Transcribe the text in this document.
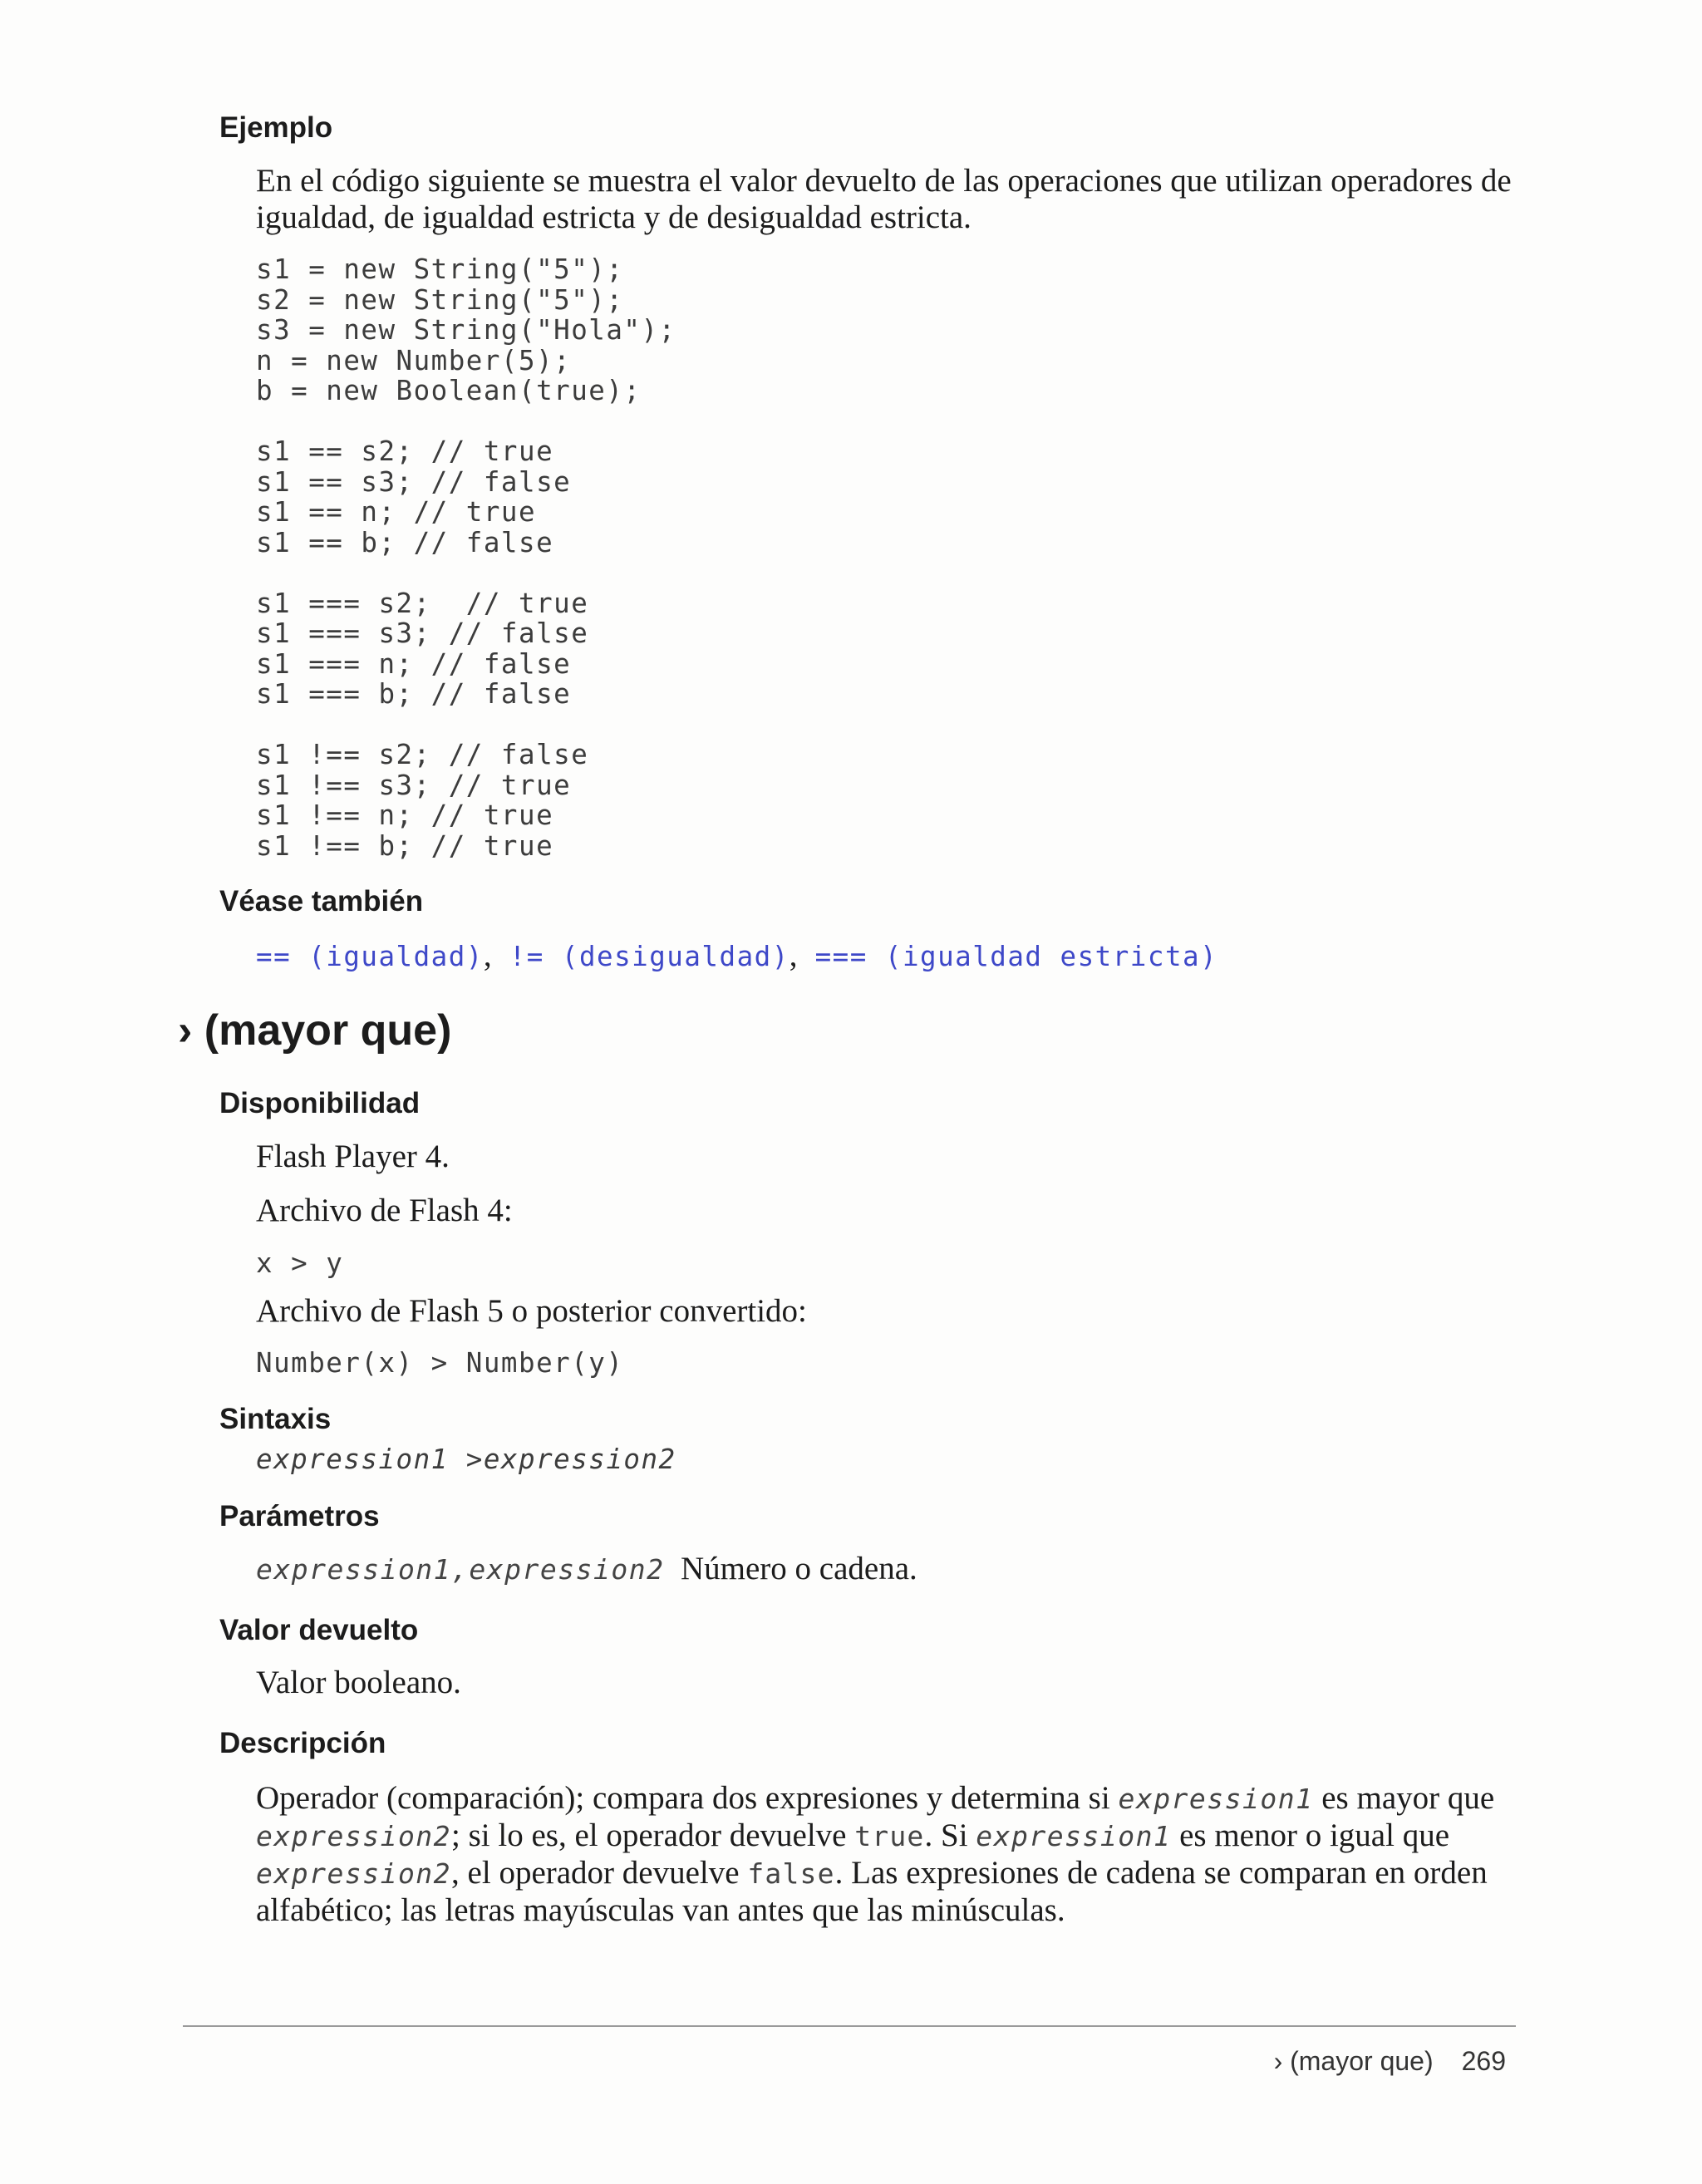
Ejemplo

En el código siguiente se muestra el valor devuelto de las operaciones que utilizan operadores de igualdad, de igualdad estricta y de desigualdad estricta.

s1 = new String("5");
s2 = new String("5");
s3 = new String("Hola");
n = new Number(5);
b = new Boolean(true);

s1 == s2; // true
s1 == s3; // false
s1 == n; // true
s1 == b; // false

s1 === s2;  // true
s1 === s3; // false
s1 === n; // false
s1 === b; // false

s1 !== s2; // false
s1 !== s3; // true
s1 !== n; // true
s1 !== b; // true
Véase también
== (igualdad), != (desigualdad), === (igualdad estricta)
› (mayor que)
Disponibilidad

Flash Player 4.

Archivo de Flash 4:

x > y

Archivo de Flash 5 o posterior convertido:

Number(x) > Number(y)
Sintaxis
expression1 >expression2
Parámetros

expression1,expression2 Número o cadena.

Valor devuelto

Valor booleano.

Descripción

Operador (comparación); compara dos expresiones y determina si expression1 es mayor que expression2; si lo es, el operador devuelve true. Si expression1 es menor o igual que expression2, el operador devuelve false. Las expresiones de cadena se comparan en orden alfabético; las letras mayúsculas van antes que las minúsculas.

› (mayor que) 269
